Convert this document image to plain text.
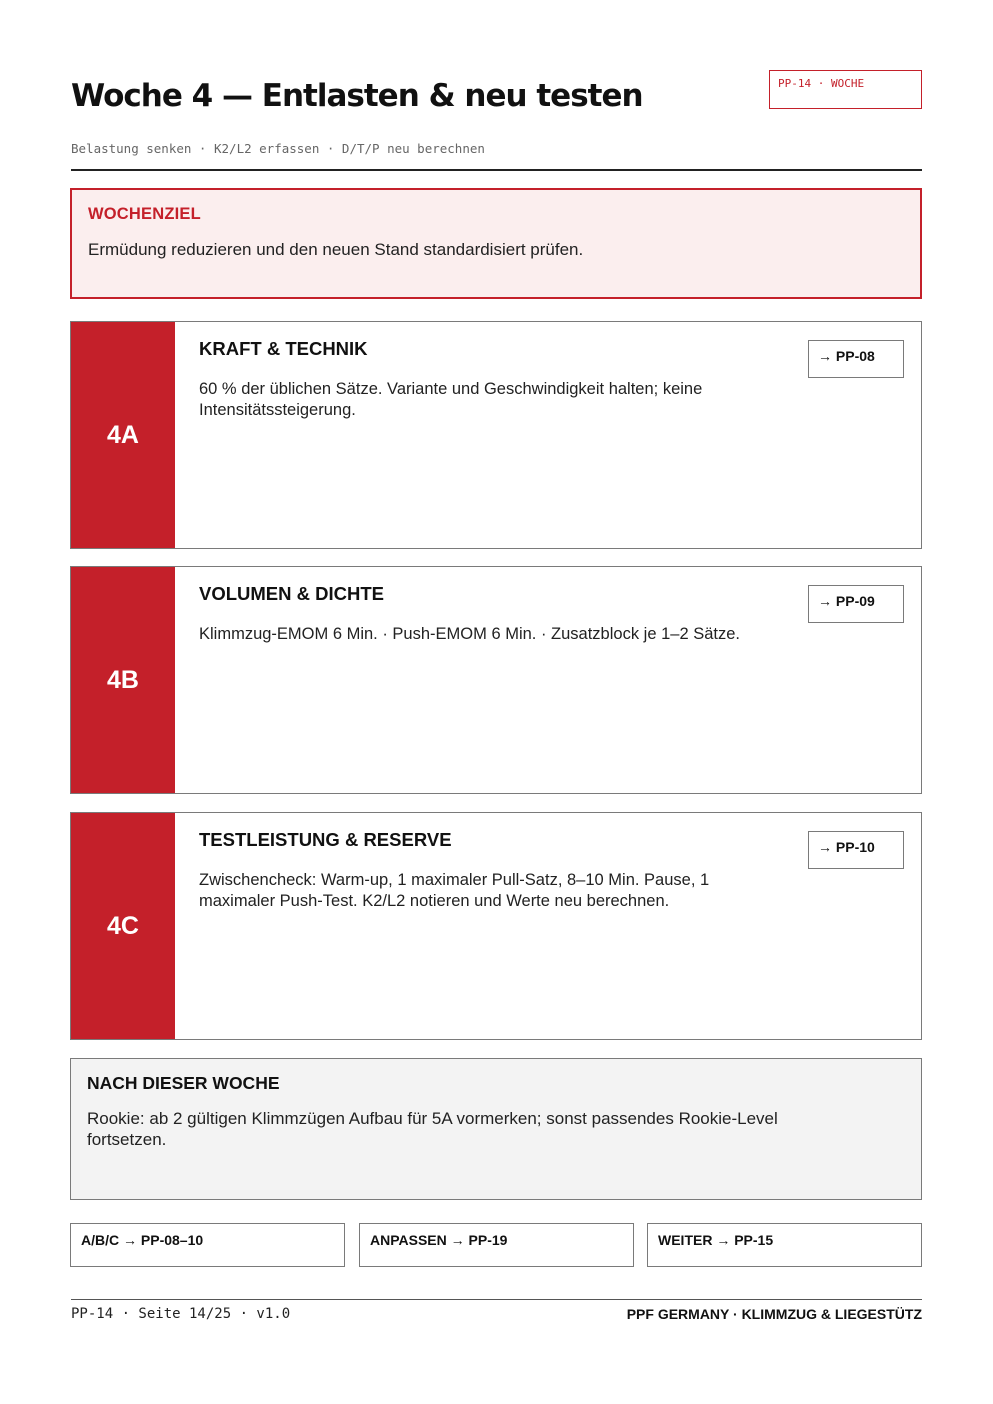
Woche 4 — Entlasten & neu testen	PP-14 · WOCHE
Belastung senken · K2/L2 erfassen · D/T/P neu berechnen
WOCHENZIEL
Ermüdung reduzieren und den neuen Stand standardisiert prüfen.
4A
KRAFT & TECHNIK
60 % der üblichen Sätze. Variante und Geschwindigkeit halten; keine Intensitätssteigerung.
→ PP-08
4B
VOLUMEN & DICHTE
Klimmzug-EMOM 6 Min. · Push-EMOM 6 Min. · Zusatzblock je 1–2 Sätze.
→ PP-09
4C
TESTLEISTUNG & RESERVE
Zwischencheck: Warm-up, 1 maximaler Pull-Satz, 8–10 Min. Pause, 1 maximaler Push-Test. K2/L2 notieren und Werte neu berechnen.
→ PP-10
NACH DIESER WOCHE
Rookie: ab 2 gültigen Klimmzügen Aufbau für 5A vormerken; sonst passendes Rookie-Level fortsetzen.
A/B/C → PP-08–10	ANPASSEN → PP-19	WEITER → PP-15
PP-14 · Seite 14/25 · v1.0	PPF GERMANY · KLIMMZUG & LIEGESTÜTZ
